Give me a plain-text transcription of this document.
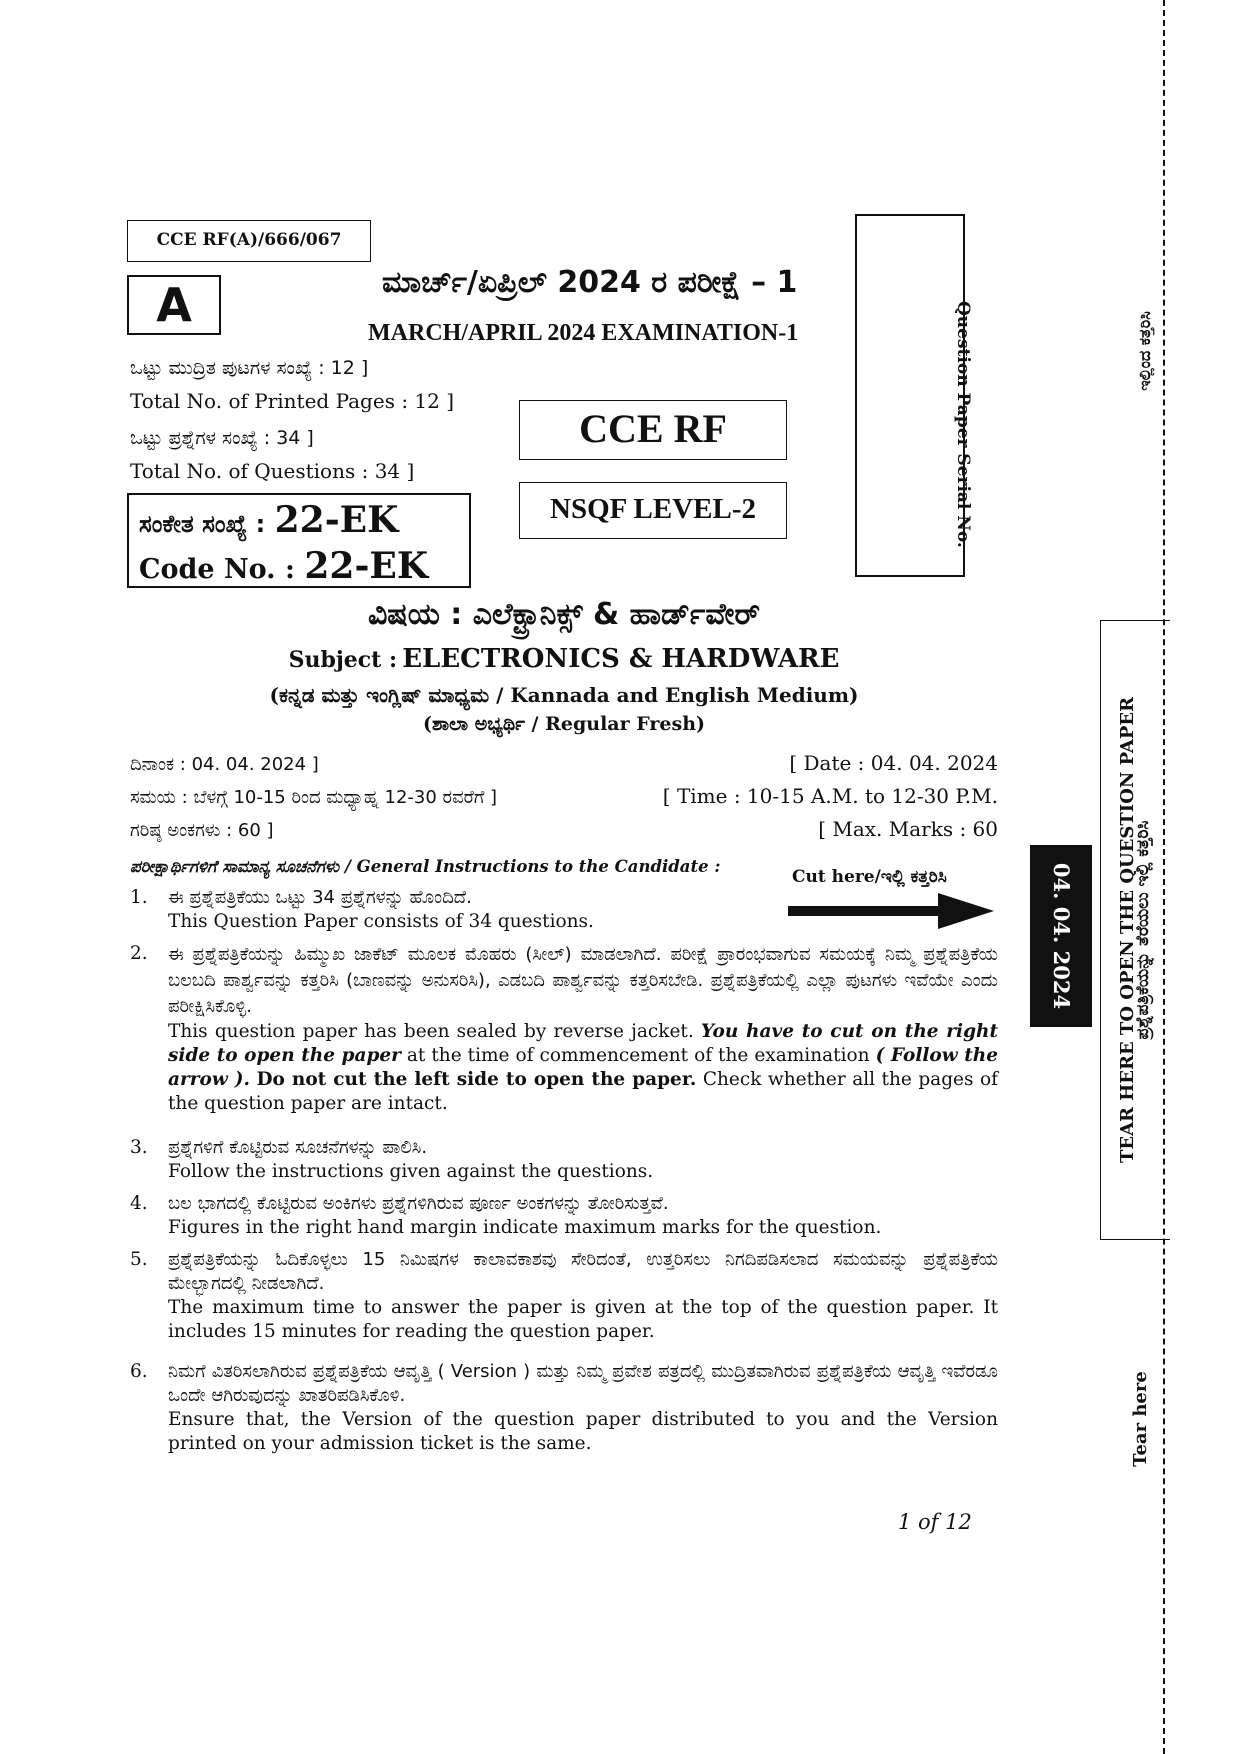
CCE RF(A)/666/067
A	ಮಾರ್ಚ್/ಏಪ್ರಿಲ್ 2024 ರ ಪರೀಕ್ಷೆ – 1
MARCH/APRIL 2024 EXAMINATION-1
ಒಟ್ಟು ಮುದ್ರಿತ ಪುಟಗಳ ಸಂಖ್ಯೆ : 12 ]
Total No. of Printed Pages : 12 ]
ಒಟ್ಟು ಪ್ರಶ್ನೆಗಳ ಸಂಖ್ಯೆ : 34 ]
Total No. of Questions : 34 ]
ಸಂಕೇತ ಸಂಖ್ಯೆ : 22-EK
Code No. : 22-EK
CCE RF
NSQF LEVEL-2	Question Paper Serial No.
ವಿಷಯ : ಎಲೆಕ್ಟ್ರಾನಿಕ್ಸ್ & ಹಾರ್ಡ್‌ವೇರ್
Subject : ELECTRONICS & HARDWARE
(ಕನ್ನಡ ಮತ್ತು ಇಂಗ್ಲಿಷ್ ಮಾಧ್ಯಮ / Kannada and English Medium)
(ಶಾಲಾ ಅಭ್ಯರ್ಥಿ / Regular Fresh)
ದಿನಾಂಕ : 04. 04. 2024 ]	[ Date : 04. 04. 2024
ಸಮಯ : ಬೆಳಗ್ಗೆ 10-15 ರಿಂದ ಮಧ್ಯಾಹ್ನ 12-30 ರವರೆಗೆ ]	[ Time : 10-15 A.M. to 12-30 P.M.
ಗರಿಷ್ಠ ಅಂಕಗಳು : 60 ]	[ Max. Marks : 60
ಪರೀಕ್ಷಾರ್ಥಿಗಳಿಗೆ ಸಾಮಾನ್ಯ ಸೂಚನೆಗಳು / General Instructions to the Candidate :
Cut here/ಇಲ್ಲಿ ಕತ್ತರಿಸಿ
1. ಈ ಪ್ರಶ್ನೆಪತ್ರಿಕೆಯು ಒಟ್ಟು 34 ಪ್ರಶ್ನೆಗಳನ್ನು ಹೊಂದಿದೆ.
This Question Paper consists of 34 questions.
2. ಈ ಪ್ರಶ್ನೆಪತ್ರಿಕೆಯನ್ನು ಹಿಮ್ಮುಖ ಜಾಕೆಟ್ ಮೂಲಕ ಮೊಹರು (ಸೀಲ್) ಮಾಡಲಾಗಿದೆ. ಪರೀಕ್ಷೆ ಪ್ರಾರಂಭವಾಗುವ ಸಮಯಕ್ಕೆ ನಿಮ್ಮ ಪ್ರಶ್ನೆಪತ್ರಿಕೆಯ ಬಲಬದಿ ಪಾರ್ಶ್ವವನ್ನು ಕತ್ತರಿಸಿ (ಬಾಣವನ್ನು ಅನುಸರಿಸಿ), ಎಡಬದಿ ಪಾರ್ಶ್ವವನ್ನು ಕತ್ತರಿಸಬೇಡಿ. ಪ್ರಶ್ನೆಪತ್ರಿಕೆಯಲ್ಲಿ ಎಲ್ಲಾ ಪುಟಗಳು ಇವೆಯೇ ಎಂದು ಪರೀಕ್ಷಿಸಿಕೊಳ್ಳಿ.
This question paper has been sealed by reverse jacket. You have to cut on the right side to open the paper at the time of commencement of the examination ( Follow the arrow ). Do not cut the left side to open the paper. Check whether all the pages of the question paper are intact.
3. ಪ್ರಶ್ನೆಗಳಿಗೆ ಕೊಟ್ಟಿರುವ ಸೂಚನೆಗಳನ್ನು ಪಾಲಿಸಿ.
Follow the instructions given against the questions.
4. ಬಲ ಭಾಗದಲ್ಲಿ ಕೊಟ್ಟಿರುವ ಅಂಕಿಗಳು ಪ್ರಶ್ನೆಗಳಿಗಿರುವ ಪೂರ್ಣ ಅಂಕಗಳನ್ನು ತೋರಿಸುತ್ತವೆ.
Figures in the right hand margin indicate maximum marks for the question.
5. ಪ್ರಶ್ನೆಪತ್ರಿಕೆಯನ್ನು ಓದಿಕೊಳ್ಳಲು 15 ನಿಮಿಷಗಳ ಕಾಲಾವಕಾಶವು ಸೇರಿದಂತೆ, ಉತ್ತರಿಸಲು ನಿಗದಿಪಡಿಸಲಾದ ಸಮಯವನ್ನು ಪ್ರಶ್ನೆಪತ್ರಿಕೆಯ ಮೇಲ್ಭಾಗದಲ್ಲಿ ನೀಡಲಾಗಿದೆ.
The maximum time to answer the paper is given at the top of the question paper. It includes 15 minutes for reading the question paper.
6. ನಿಮಗೆ ವಿತರಿಸಲಾಗಿರುವ ಪ್ರಶ್ನೆಪತ್ರಿಕೆಯ ಆವೃತ್ತಿ ( Version ) ಮತ್ತು ನಿಮ್ಮ ಪ್ರವೇಶ ಪತ್ರದಲ್ಲಿ ಮುದ್ರಿತವಾಗಿರುವ ಪ್ರಶ್ನೆಪತ್ರಿಕೆಯ ಆವೃತ್ತಿ ಇವೆರಡೂ ಒಂದೇ ಆಗಿರುವುದನ್ನು ಖಾತರಿಪಡಿಸಿಕೊಳಿ.
Ensure that, the Version of the question paper distributed to you and the Version printed on your admission ticket is the same.
1 of 12
ಇಲ್ಲಿಂದ ಕತ್ತರಿಸಿ
TEAR HERE TO OPEN THE QUESTION PAPER
ಪ್ರಶ್ನೆಪತ್ರಿಕೆಯನ್ನು ತೆರೆಯಲು ಇಲ್ಲಿ ಕತ್ತರಿಸಿ
04. 04. 2024
Tear here
